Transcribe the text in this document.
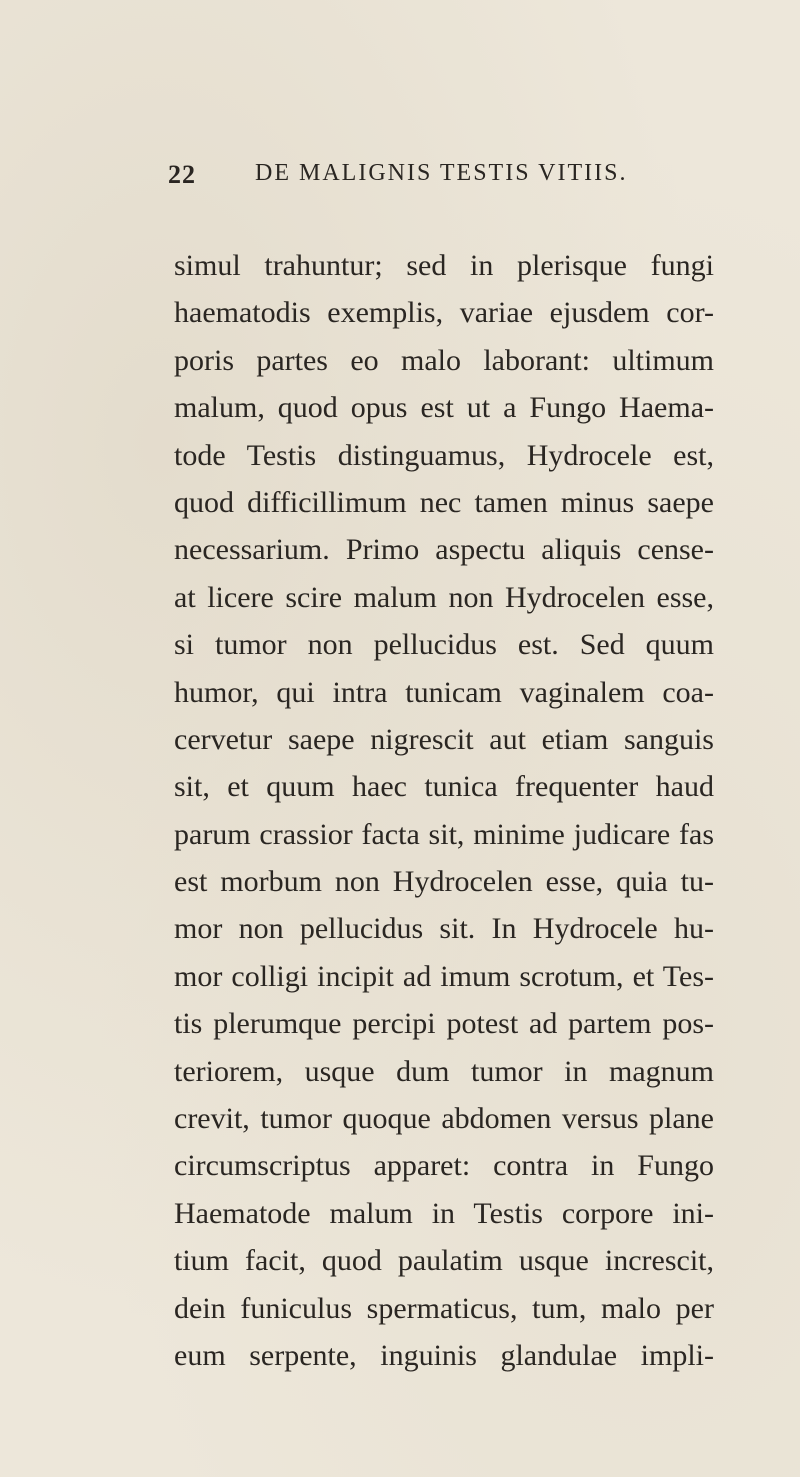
22 DE MALIGNIS TESTIS VITIIS.
simul trahuntur; sed in plerisque fungi
haematodis exemplis, variae ejusdem cor-
poris partes eo malo laborant: ultimum
malum, quod opus est ut a Fungo Haema-
tode Testis distinguamus, Hydrocele est,
quod difficillimum nec tamen minus saepe
necessarium. Primo aspectu aliquis cense-
at licere scire malum non Hydrocelen esse,
si tumor non pellucidus est. Sed quum
humor, qui intra tunicam vaginalem coa-
cervetur saepe nigrescit aut etiam sanguis
sit, et quum haec tunica frequenter haud
parum crassior facta sit, minime judicare fas
est morbum non Hydrocelen esse, quia tu-
mor non pellucidus sit. In Hydrocele hu-
mor colligi incipit ad imum scrotum, et Tes-
tis plerumque percipi potest ad partem pos-
teriorem, usque dum tumor in magnum
crevit, tumor quoque abdomen versus plane
circumscriptus apparet: contra in Fungo
Haematode malum in Testis corpore ini-
tium facit, quod paulatim usque increscit,
dein funiculus spermaticus, tum, malo per
eum serpente, inguinis glandulae impli-
